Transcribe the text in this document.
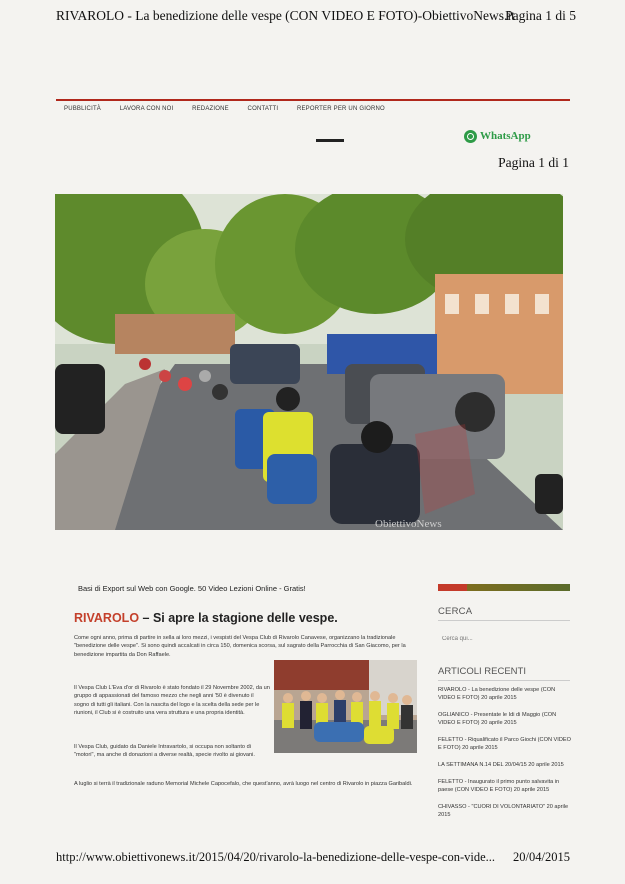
RIVAROLO - La benedizione delle vespe (CON VIDEO E FOTO)-ObiettivoNews.it
Pagina 1 di 5
PUBBLICITÀ	LAVORA CON NOI	REDAZIONE	CONTATTI	REPORTER PER UN GIORNO
WhatsApp
Pagina 1 di 1
ObiettivoNews
Basi di Export sul Web con Google. 50 Video Lezioni Online - Gratis!
CERCA
Cerca qui...
ARTICOLI RECENTI
RIVAROLO - La benedizione delle vespe (CON VIDEO E FOTO) 20 aprile 2015
OGLIANICO - Presentate le Idi di Maggio (CON VIDEO E FOTO) 20 aprile 2015
FELETTO - Riqualificato il Parco Giochi (CON VIDEO E FOTO) 20 aprile 2015
LA SETTIMANA N.14 DEL 20/04/15 20 aprile 2015
FELETTO - Inaugurato il primo punto salvavita in paese (CON VIDEO E FOTO) 20 aprile 2015
CHIVASSO - "CUORI DI VOLONTARIATO" 20 aprile 2015
RIVAROLO – Si apre la stagione delle vespe.
Come ogni anno, prima di partire in sella ai loro mezzi, i vespisti del Vespa Club di Rivarolo Canavese, organizzano la tradizionale "benedizione delle vespe". Si sono quindi accalcati in circa 150, domenica scorsa, sul sagrato della Parrocchia di San Giacomo, per la benedizione impartita da Don Raffaele.
Il Vespa Club L'Eva d'or di Rivarolo è stato fondato il 29 Novembre 2002, da un gruppo di appassionati del famoso mezzo che negli anni '50 è divenuto il sogno di tutti gli italiani. Con la nascita del logo e la scelta della sede per le riunioni, il Club si è costruito una vera struttura e una propria identità.
Il Vespa Club, guidato da Daniele Intravartolo, si occupa non soltanto di "motori", ma anche di donazioni a diverse realtà, specie rivolto ai giovani.
A luglio si terrà il tradizionale raduno Memorial Michele Capocefalo, che quest'anno, avrà luogo nel centro di Rivarolo in piazza Garibaldi.
http://www.obiettivonews.it/2015/04/20/rivarolo-la-benedizione-delle-vespe-con-vide... 20/04/2015
